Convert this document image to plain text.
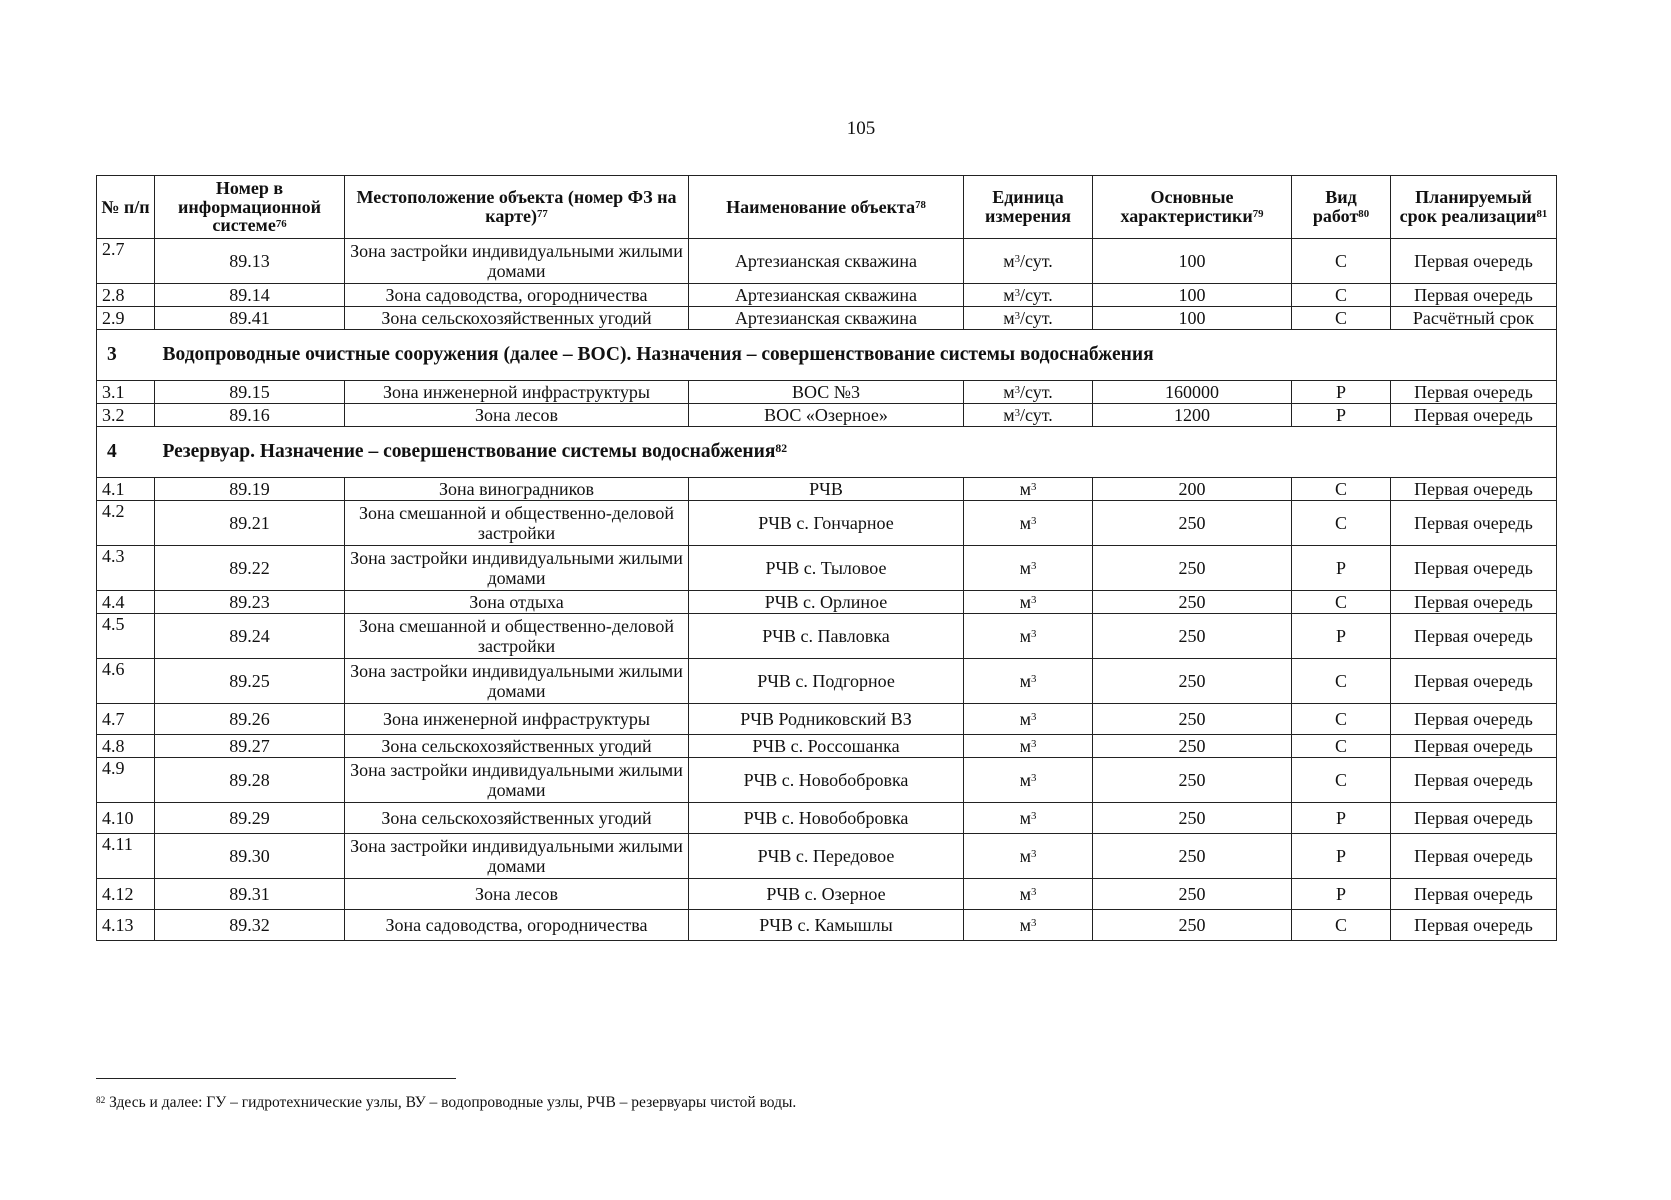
105
№ п/п	Номер в информационной системе$^{76}$	Местоположение объекта (номер ФЗ на карте)$^{77}$	Наименование объекта$^{78}$	Единица измерения	Основные характеристики$^{79}$	Вид работ$^{80}$	Планируемый срок реализации$^{81}$
2.7	89.13	Зона застройки индивидуальными жилыми домами	Артезианская скважина	$м^3$/сут.	100	С	Первая очередь
2.8	89.14	Зона садоводства, огородничества	Артезианская скважина	$м^3$/сут.	100	С	Первая очередь
2.9	89.41	Зона сельскохозяйственных угодий	Артезианская скважина	$м^3$/сут.	100	С	Расчётный срок
3	Водопроводные очистные сооружения (далее – ВОС). Назначения – совершенствование системы водоснабжения						
3.1	89.15	Зона инженерной инфраструктуры	ВОС №3	$м^3$/сут.	160000	Р	Первая очередь
3.2	89.16	Зона лесов	ВОС «Озерное»	$м^3$/сут.	1200	Р	Первая очередь
4	Резервуар. Назначение – совершенствование системы водоснабжения$^{82}$
4.1	89.19	Зона виноградников	РЧВ	$м^3$	200	С	Первая очередь
4.2	89.21	Зона смешанной и общественно-деловой застройки	РЧВ с. Гончарное	$м^3$	250	С	Первая очередь
4.3	89.22	Зона застройки индивидуальными жилыми домами	РЧВ с. Тыловое	$м^3$	250	Р	Первая очередь
4.4	89.23	Зона отдыха	РЧВ с. Орлиное	$м^3$	250	С	Первая очередь
4.5	89.24	Зона смешанной и общественно-деловой застройки	РЧВ с. Павловка	$м^3$	250	Р	Первая очередь
4.6	89.25	Зона застройки индивидуальными жилыми домами	РЧВ с. Подгорное	$м^3$	250	С	Первая очередь
4.7	89.26	Зона инженерной инфраструктуры	РЧВ Родниковский ВЗ	$м^3$	250	С	Первая очередь
4.8	89.27	Зона сельскохозяйственных угодий	РЧВ с. Россошанка	$м^3$	250	С	Первая очередь
4.9	89.28	Зона застройки индивидуальными жилыми домами	РЧВ с. Новобобровка	$м^3$	250	С	Первая очередь
4.10	89.29	Зона сельскохозяйственных угодий	РЧВ с. Новобобровка	$м^3$	250	Р	Первая очередь
4.11	89.30	Зона застройки индивидуальными жилыми домами	РЧВ с. Передовое	$м^3$	250	Р	Первая очередь
4.12	89.31	Зона лесов	РЧВ с. Озерное	$м^3$	250	Р	Первая очередь
4.13	89.32	Зона садоводства, огородничества	РЧВ с. Камышлы	$м^3$	250	С	Первая очередь
$^{82}$ Здесь и далее: ГУ – гидротехнические узлы, ВУ – водопроводные узлы, РЧВ – резервуары чистой воды.
